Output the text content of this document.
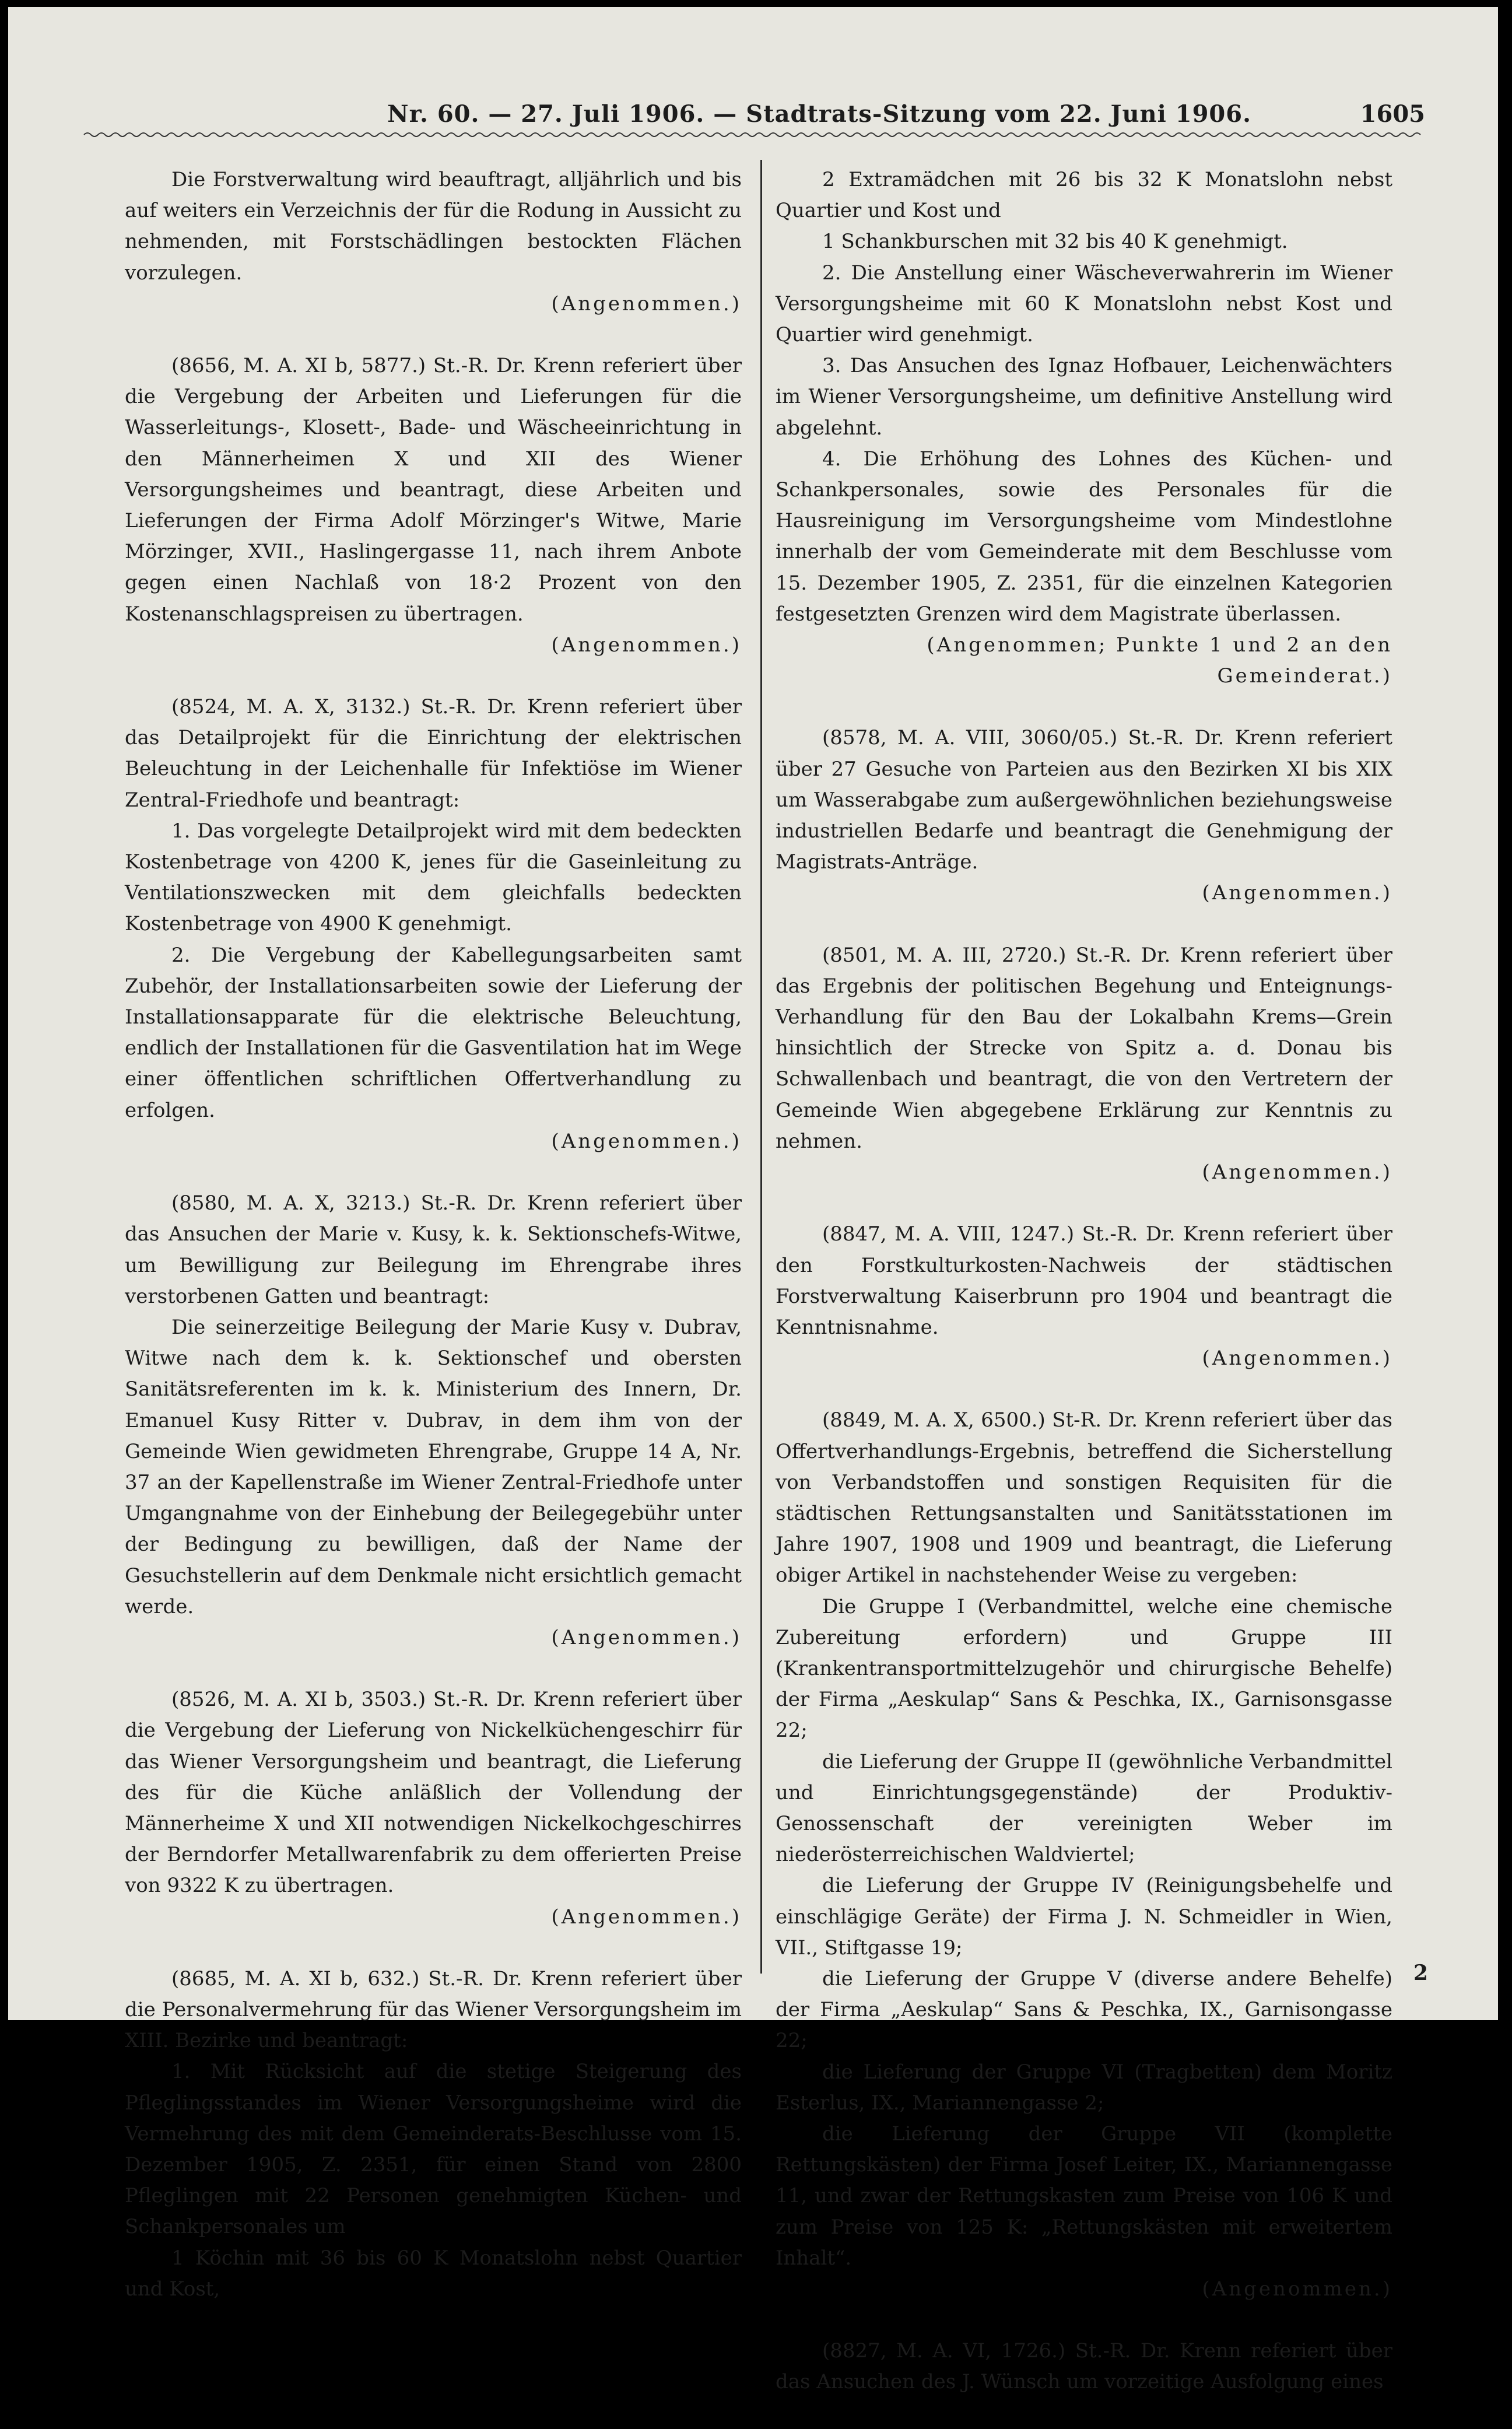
Nr. 60. — 27. Juli 1906. — Stadtrats-Sitzung vom 22. Juni 1906.	1605

Die Forstverwaltung wird beauftragt, alljährlich und bis auf weiters ein Verzeichnis der für die Rodung in Aussicht zu nehmenden, mit Forstschädlingen bestockten Flächen vorzulegen.

(Angenommen.)

(8656, M. A. XI b, 5877.) St.-R. Dr. Krenn referiert über die Vergebung der Arbeiten und Lieferungen für die Wasserleitungs-, Klosett-, Bade- und Wäscheeinrichtung in den Männerheimen X und XII des Wiener Versorgungsheimes und beantragt, diese Arbeiten und Lieferungen der Firma Adolf Mörzinger's Witwe, Marie Mörzinger, XVII., Haslingergasse 11, nach ihrem Anbote gegen einen Nachlaß von 18·2 Prozent von den Kostenanschlagspreisen zu übertragen.

(Angenommen.)

(8524, M. A. X, 3132.) St.-R. Dr. Krenn referiert über das Detailprojekt für die Einrichtung der elektrischen Beleuchtung in der Leichenhalle für Infektiöse im Wiener Zentral-Friedhofe und beantragt:

1. Das vorgelegte Detailprojekt wird mit dem bedeckten Kostenbetrage von 4200 K, jenes für die Gaseinleitung zu Ventilationszwecken mit dem gleichfalls bedeckten Kostenbetrage von 4900 K genehmigt.

2. Die Vergebung der Kabellegungsarbeiten samt Zubehör, der Installationsarbeiten sowie der Lieferung der Installationsapparate für die elektrische Beleuchtung, endlich der Installationen für die Gasventilation hat im Wege einer öffentlichen schriftlichen Offertverhandlung zu erfolgen.

(Angenommen.)

(8580, M. A. X, 3213.) St.-R. Dr. Krenn referiert über das Ansuchen der Marie v. Kusy, k. k. Sektionschefs-Witwe, um Bewilligung zur Beilegung im Ehrengrabe ihres verstorbenen Gatten und beantragt:

Die seinerzeitige Beilegung der Marie Kusy v. Dubrav, Witwe nach dem k. k. Sektionschef und obersten Sanitätsreferenten im k. k. Ministerium des Innern, Dr. Emanuel Kusy Ritter v. Dubrav, in dem ihm von der Gemeinde Wien gewidmeten Ehrengrabe, Gruppe 14 A, Nr. 37 an der Kapellenstraße im Wiener Zentral-Friedhofe unter Umgangnahme von der Einhebung der Beilegegebühr unter der Bedingung zu bewilligen, daß der Name der Gesuchstellerin auf dem Denkmale nicht ersichtlich gemacht werde.

(Angenommen.)

(8526, M. A. XI b, 3503.) St.-R. Dr. Krenn referiert über die Vergebung der Lieferung von Nickelküchengeschirr für das Wiener Versorgungsheim und beantragt, die Lieferung des für die Küche anläßlich der Vollendung der Männerheime X und XII notwendigen Nickelkochgeschirres der Berndorfer Metallwarenfabrik zu dem offerierten Preise von 9322 K zu übertragen.

(Angenommen.)

(8685, M. A. XI b, 632.) St.-R. Dr. Krenn referiert über die Personalvermehrung für das Wiener Versorgungsheim im XIII. Bezirke und beantragt:

1. Mit Rücksicht auf die stetige Steigerung des Pfleglingsstandes im Wiener Versorgungsheime wird die Vermehrung des mit dem Gemeinderats-Beschlusse vom 15. Dezember 1905, Z. 2351, für einen Stand von 2800 Pfleglingen mit 22 Personen genehmigten Küchen- und Schankpersonales um

1 Köchin mit 36 bis 60 K Monatslohn nebst Quartier und Kost,

2 Extramädchen mit 26 bis 32 K Monatslohn nebst Quartier und Kost und

1 Schankburschen mit 32 bis 40 K genehmigt.

2. Die Anstellung einer Wäscheverwahrerin im Wiener Versorgungsheime mit 60 K Monatslohn nebst Kost und Quartier wird genehmigt.

3. Das Ansuchen des Ignaz Hofbauer, Leichenwächters im Wiener Versorgungsheime, um definitive Anstellung wird abgelehnt.

4. Die Erhöhung des Lohnes des Küchen- und Schankpersonales, sowie des Personales für die Hausreinigung im Versorgungsheime vom Mindestlohne innerhalb der vom Gemeinderate mit dem Beschlusse vom 15. Dezember 1905, Z. 2351, für die einzelnen Kategorien festgesetzten Grenzen wird dem Magistrate überlassen.

(Angenommen; Punkte 1 und 2 an den Gemeinderat.)

(8578, M. A. VIII, 3060/05.) St.-R. Dr. Krenn referiert über 27 Gesuche von Parteien aus den Bezirken XI bis XIX um Wasserabgabe zum außergewöhnlichen beziehungsweise industriellen Bedarfe und beantragt die Genehmigung der Magistrats-Anträge.

(Angenommen.)

(8501, M. A. III, 2720.) St.-R. Dr. Krenn referiert über das Ergebnis der politischen Begehung und Enteignungs-Verhandlung für den Bau der Lokalbahn Krems—Grein hinsichtlich der Strecke von Spitz a. d. Donau bis Schwallenbach und beantragt, die von den Vertretern der Gemeinde Wien abgegebene Erklärung zur Kenntnis zu nehmen.

(Angenommen.)

(8847, M. A. VIII, 1247.) St.-R. Dr. Krenn referiert über den Forstkulturkosten-Nachweis der städtischen Forstverwaltung Kaiserbrunn pro 1904 und beantragt die Kenntnisnahme.

(Angenommen.)

(8849, M. A. X, 6500.) St-R. Dr. Krenn referiert über das Offertverhandlungs-Ergebnis, betreffend die Sicherstellung von Verbandstoffen und sonstigen Requisiten für die städtischen Rettungsanstalten und Sanitätsstationen im Jahre 1907, 1908 und 1909 und beantragt, die Lieferung obiger Artikel in nachstehender Weise zu vergeben:

Die Gruppe I (Verbandmittel, welche eine chemische Zubereitung erfordern) und Gruppe III (Krankentransportmittelzugehör und chirurgische Behelfe) der Firma „Aeskulap“ Sans & Peschka, IX., Garnisonsgasse 22;

die Lieferung der Gruppe II (gewöhnliche Verbandmittel und Einrichtungsgegenstände) der Produktiv-Genossenschaft der vereinigten Weber im niederösterreichischen Waldviertel;

die Lieferung der Gruppe IV (Reinigungsbehelfe und einschlägige Geräte) der Firma J. N. Schmeidler in Wien, VII., Stiftgasse 19;

die Lieferung der Gruppe V (diverse andere Behelfe) der Firma „Aeskulap“ Sans & Peschka, IX., Garnisongasse 22;

die Lieferung der Gruppe VI (Tragbetten) dem Moritz Esterlus, IX., Mariannengasse 2;

die Lieferung der Gruppe VII (komplette Rettungskästen) der Firma Josef Leiter, IX., Mariannengasse 11, und zwar der Rettungskasten zum Preise von 106 K und zum Preise von 125 K: „Rettungskästen mit erweitertem Inhalt“.

(Angenommen.)

(8827, M. A. VI, 1726.) St.-R. Dr. Krenn referiert über das Ansuchen des J. Wünsch um vorzeitige Ausfolgung eines

2
